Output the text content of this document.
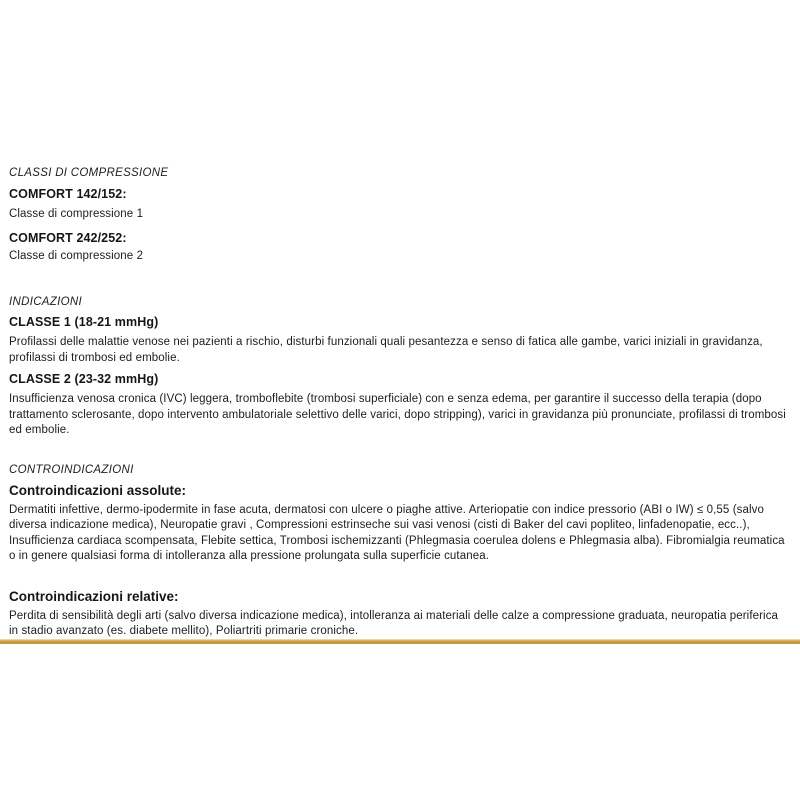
CLASSI DI COMPRESSIONE
COMFORT 142/152:

Classe di compressione 1

COMFORT 242/252:

Classe di compressione 2

INDICAZIONI
CLASSE 1 (18-21 mmHg)

Profilassi delle malattie venose nei pazienti a rischio, disturbi funzionali quali pesantezza e senso di fatica alle gambe, varici iniziali in gravidanza, profilassi di trombosi ed embolie.

CLASSE 2 (23-32 mmHg)

Insufficienza venosa cronica (IVC) leggera, tromboflebite (trombosi superficiale) con e senza edema, per garantire il successo della terapia (dopo trattamento sclerosante, dopo intervento ambulatoriale selettivo delle varici, dopo stripping), varici in gravidanza più pronunciate, profilassi di trombosi ed embolie.

CONTROINDICAZIONI
Controindicazioni assolute:

Dermatiti infettive, dermo-ipodermite in fase acuta, dermatosi con ulcere o piaghe attive. Arteriopatie con indice pressorio (ABI o IW) ≤ 0,55 (salvo diversa indicazione medica), Neuropatie gravi , Compressioni estrinseche sui vasi venosi (cisti di Baker del cavi popliteo, linfadenopatie, ecc..), Insufficienza cardiaca scompensata, Flebite settica, Trombosi ischemizzanti (Phlegmasia coerulea dolens e Phlegmasia alba). Fibromialgia reumatica o in genere qualsiasi forma di intolleranza alla pressione prolungata sulla superficie cutanea.

Controindicazioni relative:

Perdita di sensibilità degli arti (salvo diversa indicazione medica), intolleranza ai materiali delle calze a compressione graduata, neuropatia periferica in stadio avanzato (es. diabete mellito), Poliartriti primarie croniche.
